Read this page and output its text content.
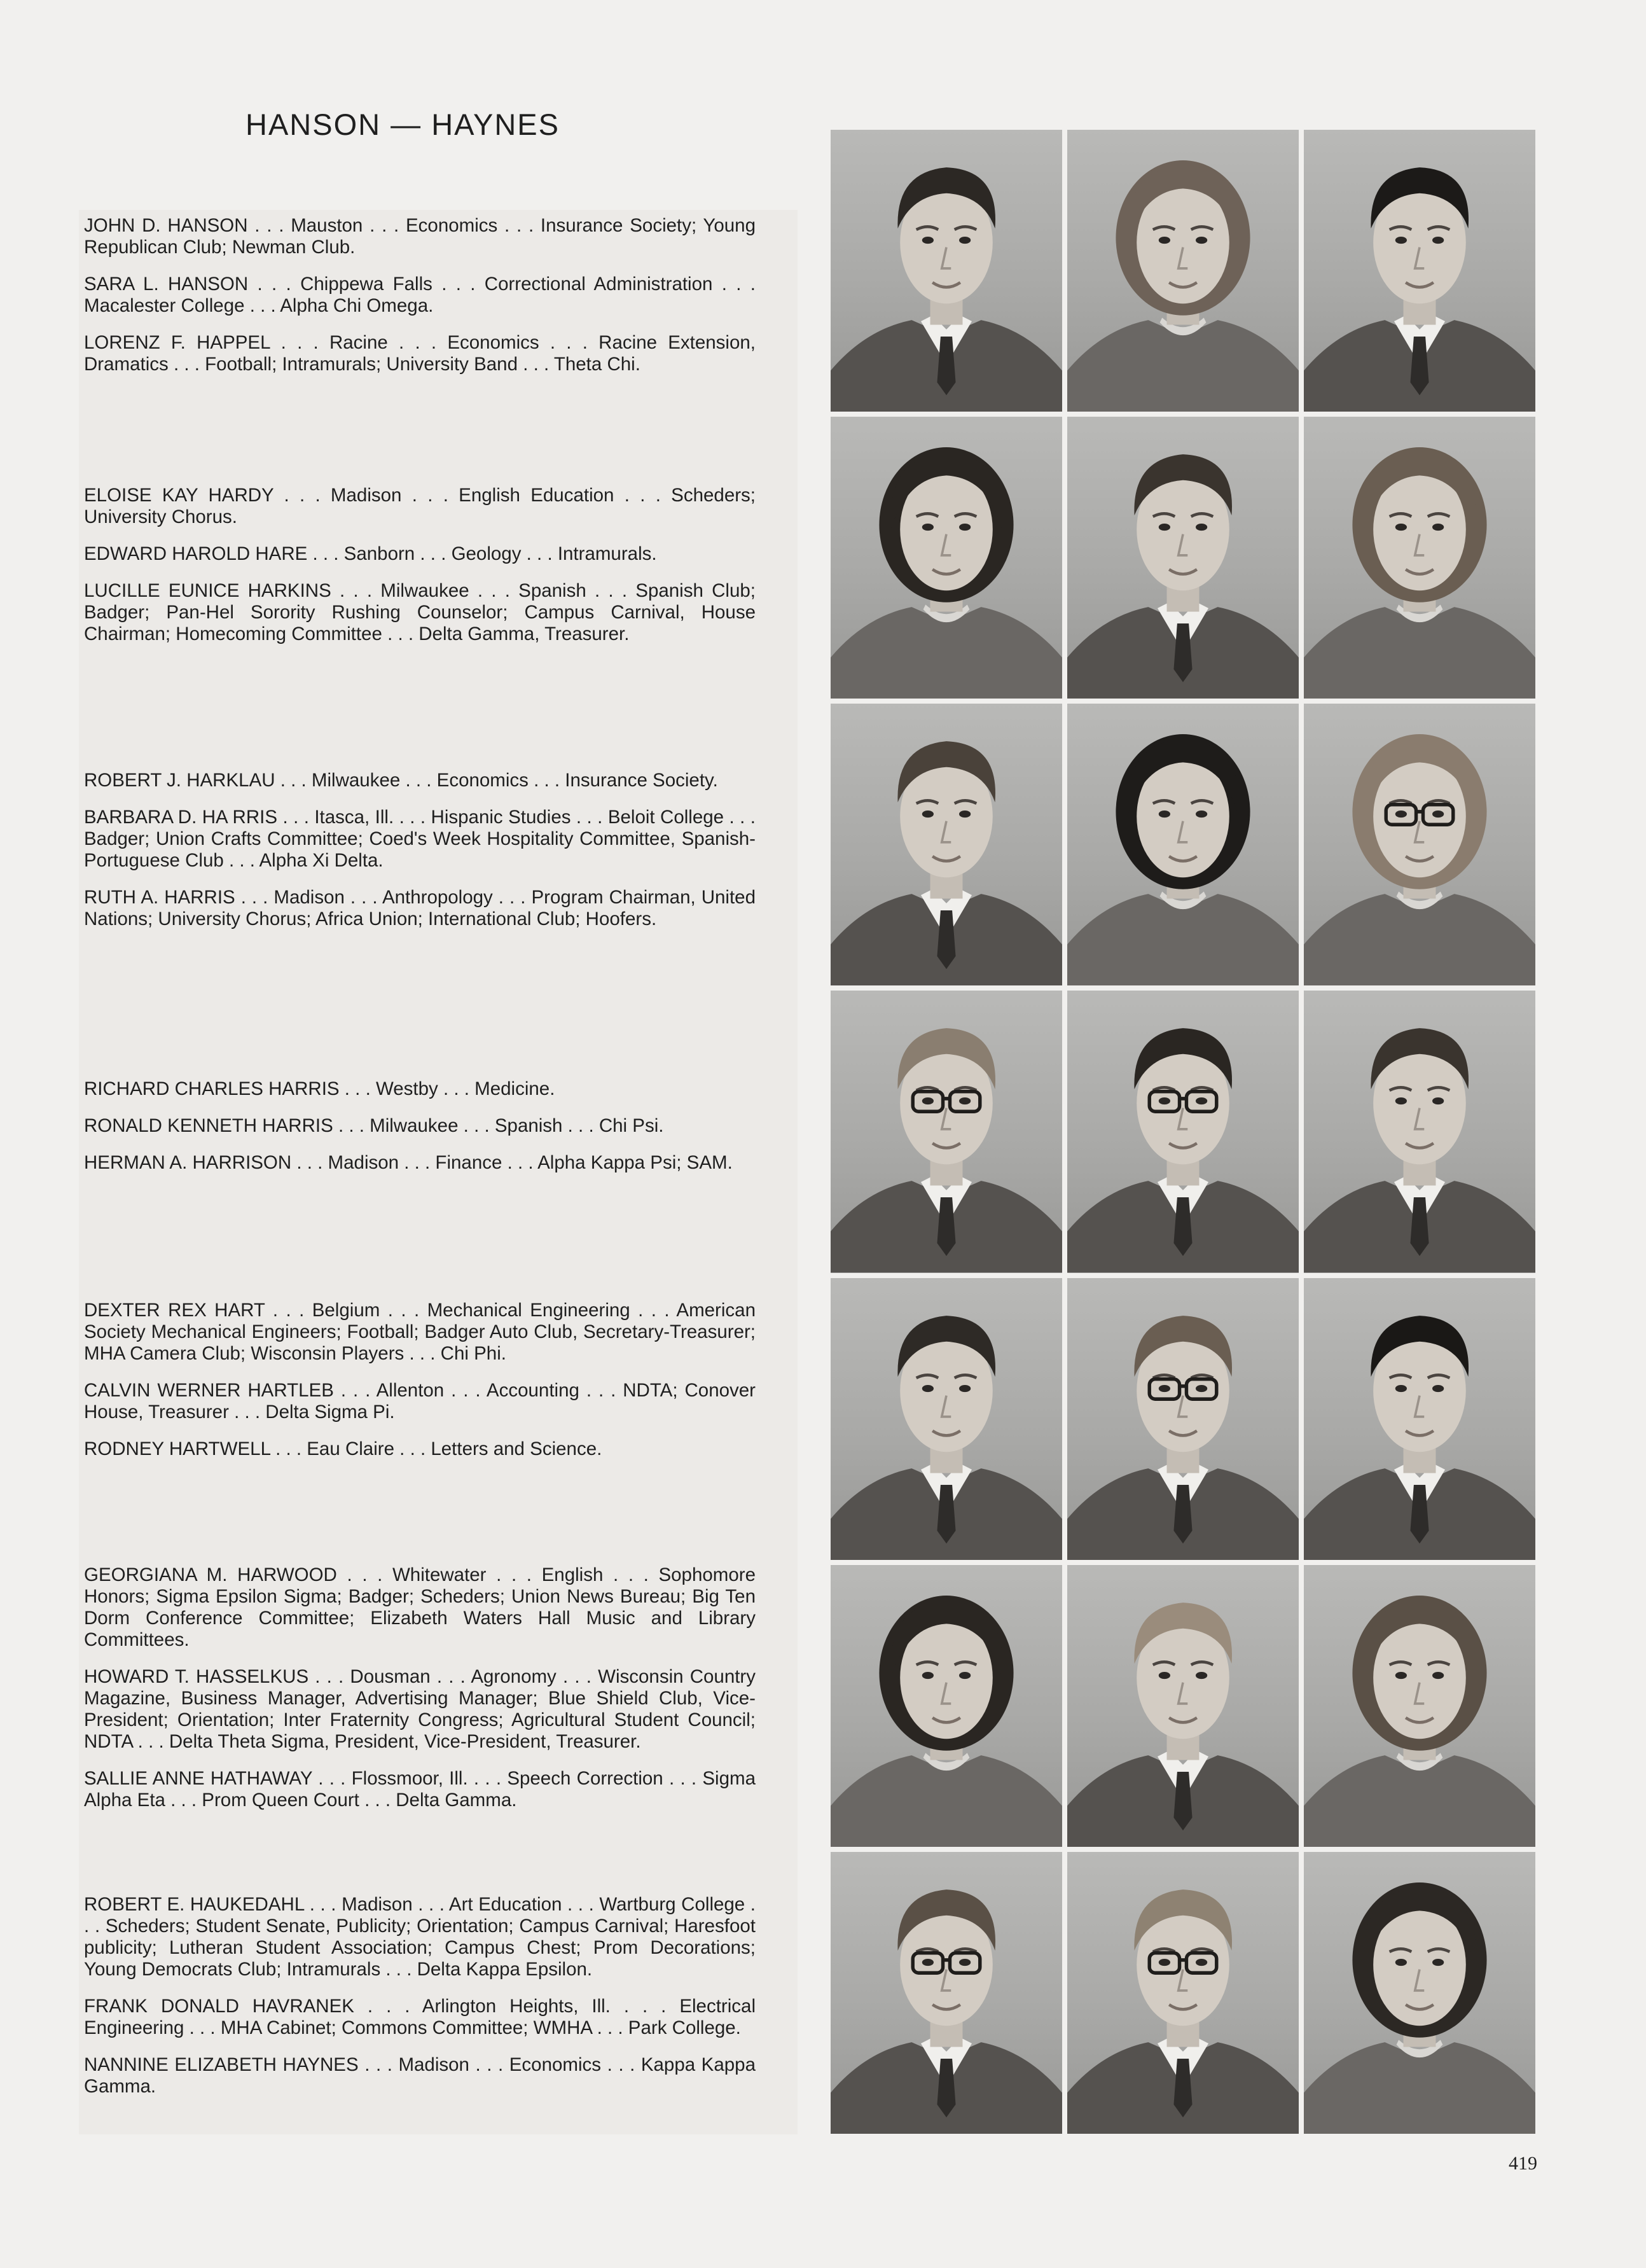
HANSON — HAYNES
JOHN D. HANSON . . . Mauston . . . Economics . . . Insurance Society; Young Republican Club; Newman Club.
SARA L. HANSON . . . Chippewa Falls . . . Correctional Administration . . . Macalester College . . . Alpha Chi Omega.
LORENZ F. HAPPEL . . . Racine . . . Economics . . . Racine Extension, Dramatics . . . Football; Intramurals; University Band . . . Theta Chi.
ELOISE KAY HARDY . . . Madison . . . English Education . . . Scheders; University Chorus.
EDWARD HAROLD HARE . . . Sanborn . . . Geology . . . Intramurals.
LUCILLE EUNICE HARKINS . . . Milwaukee . . . Spanish . . . Spanish Club; Badger; Pan-Hel Sorority Rushing Counselor; Campus Carnival, House Chairman; Homecoming Committee . . . Delta Gamma, Treasurer.
ROBERT J. HARKLAU . . . Milwaukee . . . Economics . . . Insurance Society.
BARBARA D. HA RRIS . . . Itasca, Ill. . . . Hispanic Studies . . . Beloit College . . . Badger; Union Crafts Committee; Coed's Week Hospitality Committee, Spanish-Portuguese Club . . . Alpha Xi Delta.
RUTH A. HARRIS . . . Madison . . . Anthropology . . . Program Chairman, United Nations; University Chorus; Africa Union; International Club; Hoofers.
RICHARD CHARLES HARRIS . . . Westby . . . Medicine.
RONALD KENNETH HARRIS . . . Milwaukee . . . Spanish . . . Chi Psi.
HERMAN A. HARRISON . . . Madison . . . Finance . . . Alpha Kappa Psi; SAM.
DEXTER REX HART . . . Belgium . . . Mechanical Engineering . . . American Society Mechanical Engineers; Football; Badger Auto Club, Secretary-Treasurer; MHA Camera Club; Wisconsin Players . . . Chi Phi.
CALVIN WERNER HARTLEB . . . Allenton . . . Accounting . . . NDTA; Conover House, Treasurer . . . Delta Sigma Pi.
RODNEY HARTWELL . . . Eau Claire . . . Letters and Science.
GEORGIANA M. HARWOOD . . . Whitewater . . . English . . . Sophomore Honors; Sigma Epsilon Sigma; Badger; Scheders; Union News Bureau; Big Ten Dorm Conference Committee; Elizabeth Waters Hall Music and Library Committees.
HOWARD T. HASSELKUS . . . Dousman . . . Agronomy . . . Wisconsin Country Magazine, Business Manager, Advertising Manager; Blue Shield Club, Vice-President; Orientation; Inter Fraternity Congress; Agricultural Student Council; NDTA . . . Delta Theta Sigma, President, Vice-President, Treasurer.
SALLIE ANNE HATHAWAY . . . Flossmoor, Ill. . . . Speech Correction . . . Sigma Alpha Eta . . . Prom Queen Court . . . Delta Gamma.
ROBERT E. HAUKEDAHL . . . Madison . . . Art Education . . . Wartburg College . . . Scheders; Student Senate, Publicity; Orientation; Campus Carnival; Haresfoot publicity; Lutheran Student Association; Campus Chest; Prom Decorations; Young Democrats Club; Intramurals . . . Delta Kappa Epsilon.
FRANK DONALD HAVRANEK . . . Arlington Heights, Ill. . . . Electrical Engineering . . . MHA Cabinet; Commons Committee; WMHA . . . Park College.
NANNINE ELIZABETH HAYNES . . . Madison . . . Economics . . . Kappa Kappa Gamma.
419
